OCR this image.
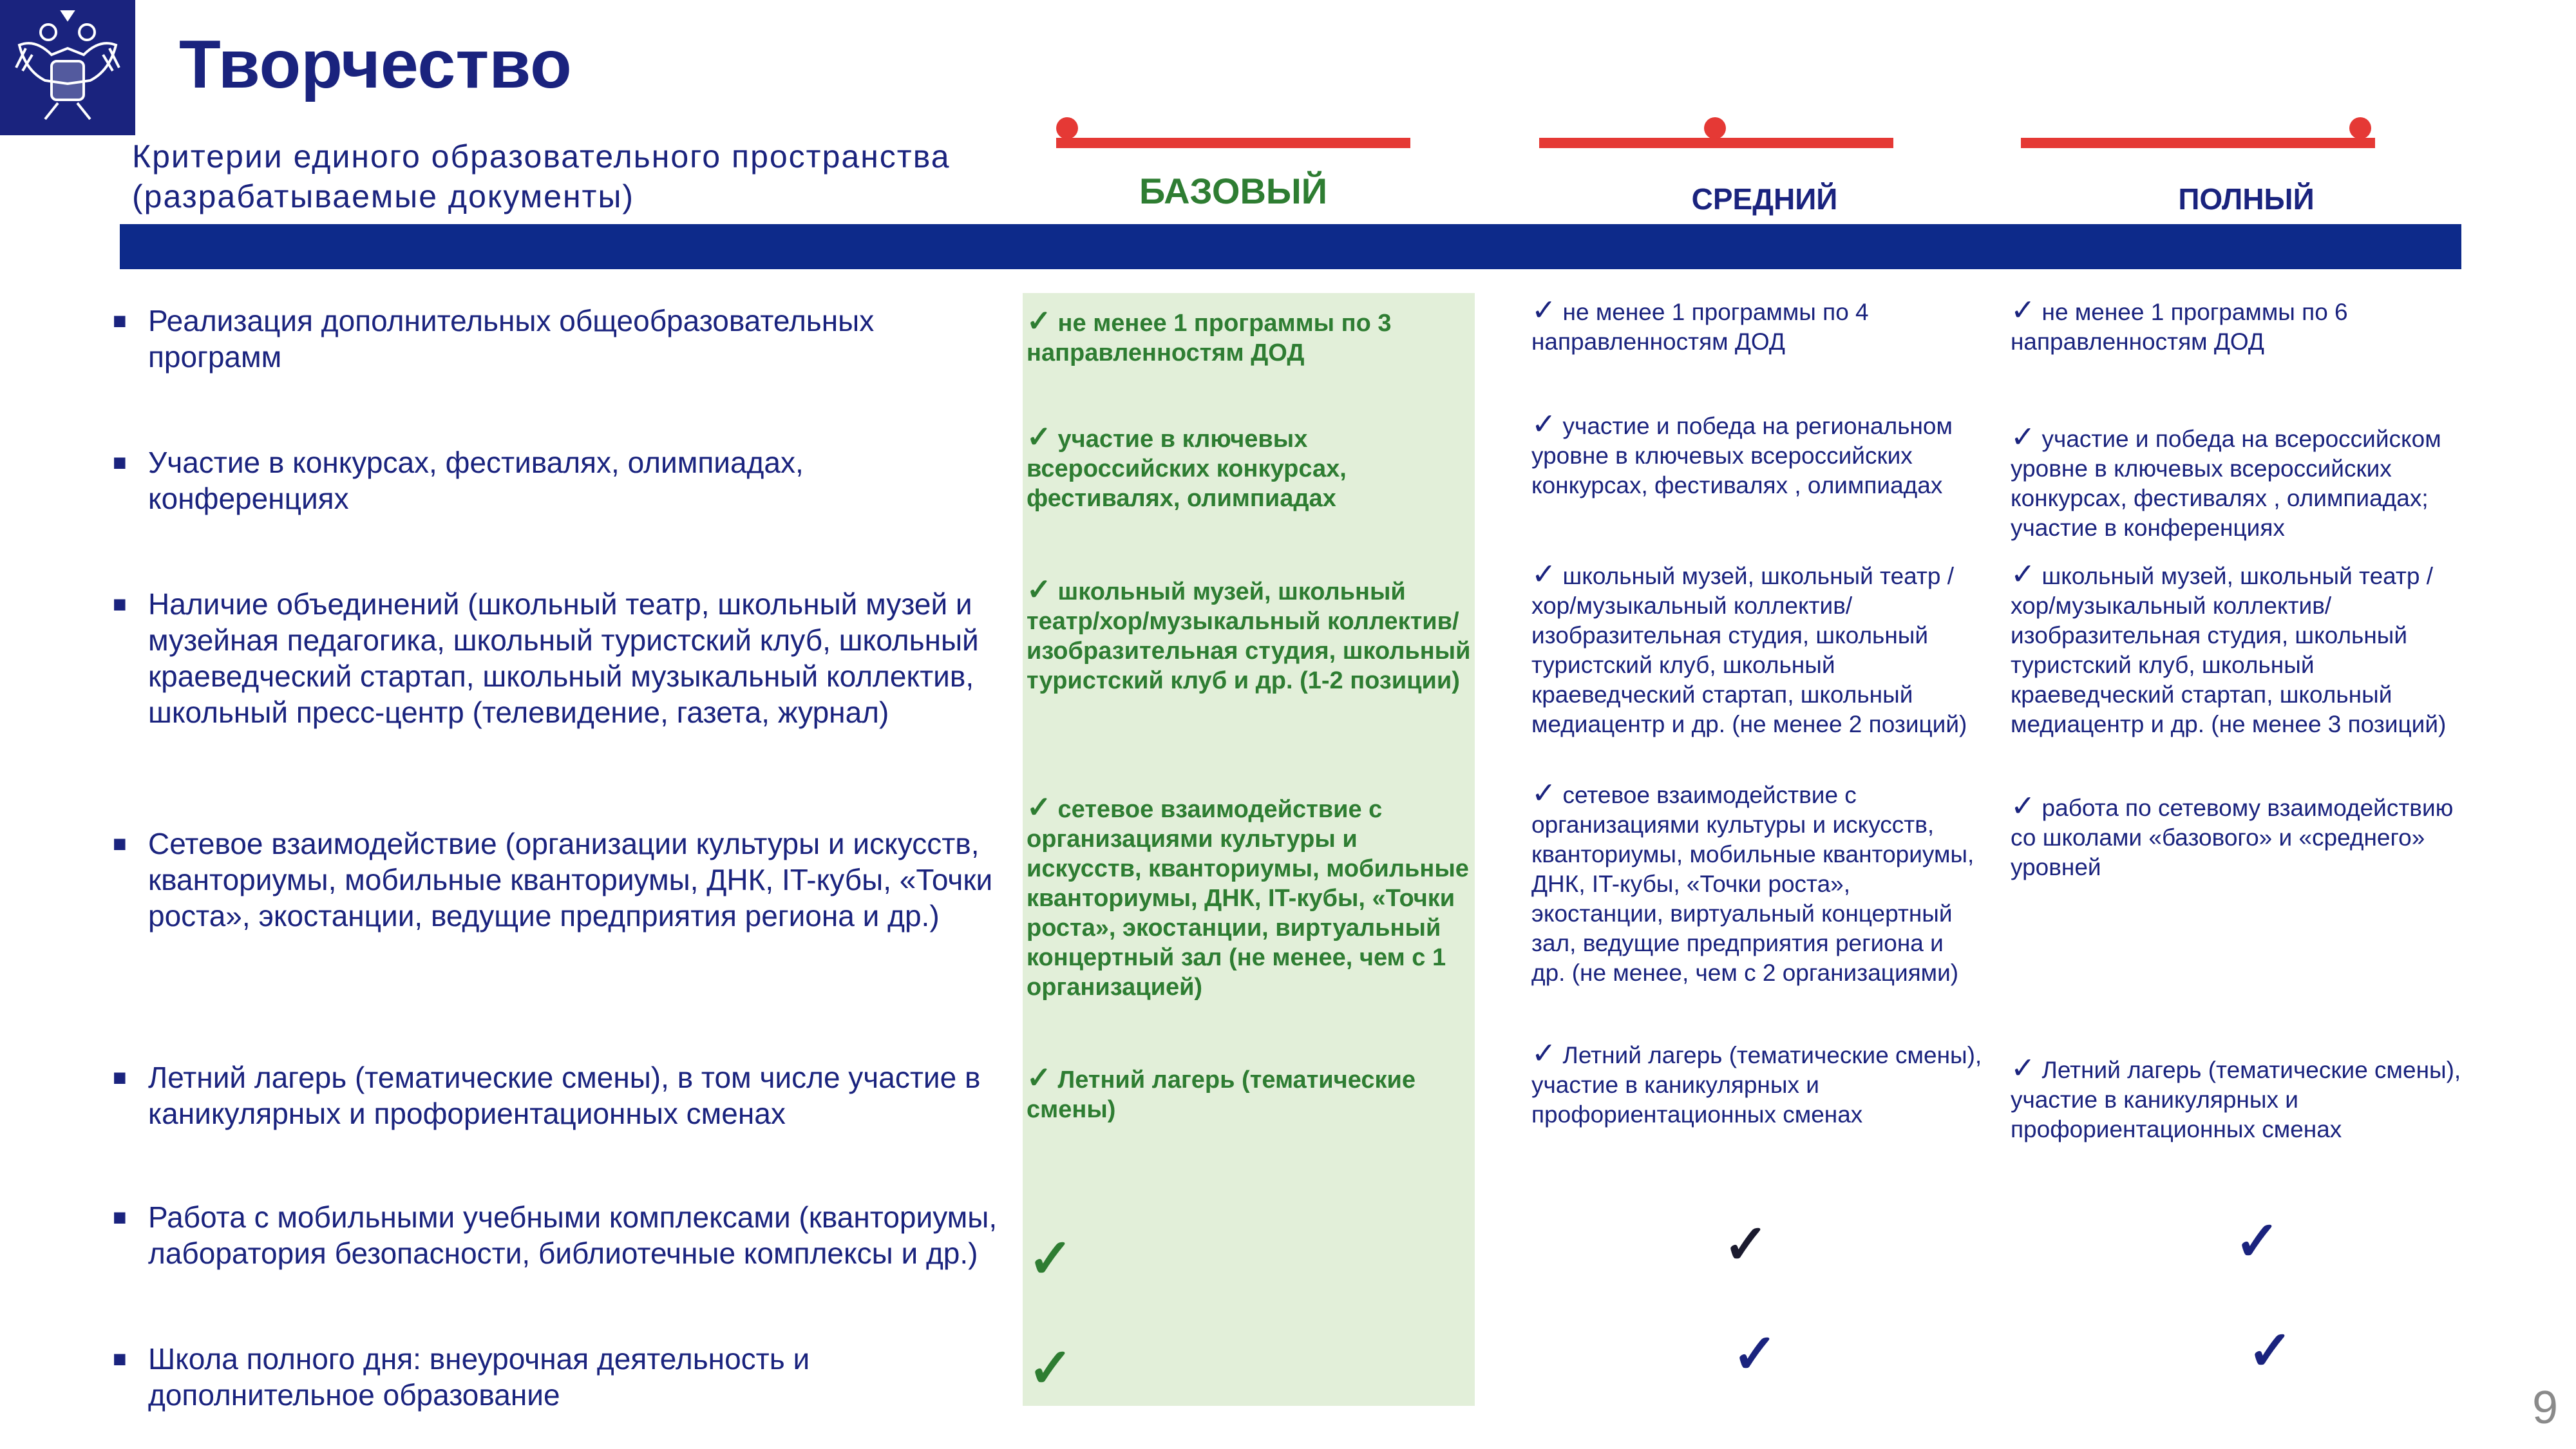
Творчество
Критерии единого образовательного пространства
(разрабатываемые документы)	БАЗОВЫЙ	СРЕДНИЙ	ПОЛНЫЙ
■ Реализация дополнительных общеобразовательных программ
✓ не менее 1 программы по 3 направленностям ДОД
✓ не менее 1 программы по 4 направленностям ДОД
✓ не менее 1 программы по 6 направленностям ДОД
■ Участие в конкурсах, фестивалях, олимпиадах, конференциях
✓ участие в ключевых всероссийских конкурсах, фестивалях, олимпиадах
✓ участие и победа на региональном уровне в ключевых всероссийских конкурсах, фестивалях , олимпиадах
✓ участие и победа на всероссийском уровне в ключевых всероссийских конкурсах, фестивалях , олимпиадах; участие в конференциях
■ Наличие объединений (школьный театр, школьный музей и музейная педагогика, школьный туристский клуб, школьный краеведческий стартап, школьный музыкальный коллектив, школьный пресс-центр (телевидение, газета, журнал)
✓ школьный музей, школьный театр/хор/музыкальный коллектив/изобразительная студия, школьный туристский клуб и др. (1-2 позиции)
✓ школьный музей, школьный театр /хор/музыкальный коллектив/изобразительная студия, школьный туристский клуб, школьный краеведческий стартап, школьный медиацентр и др. (не менее 2 позиций)
✓ школьный музей, школьный театр /хор/музыкальный коллектив/изобразительная студия, школьный туристский клуб, школьный краеведческий стартап, школьный медиацентр и др. (не менее 3 позиций)
■ Сетевое взаимодействие (организации культуры и искусств, кванториумы, мобильные кванториумы, ДНК, IT-кубы, «Точки роста», экостанции, ведущие предприятия региона и др.)
✓ сетевое взаимодействие с организациями культуры и искусств, кванториумы, мобильные кванториумы, ДНК, IT-кубы, «Точки роста», экостанции, виртуальный концертный зал (не менее, чем с 1 организацией)
✓ сетевое взаимодействие с организациями культуры и искусств, кванториумы, мобильные кванториумы, ДНК, IT-кубы, «Точки роста», экостанции, виртуальный концертный зал, ведущие предприятия региона и др. (не менее, чем с 2 организациями)
✓ работа по сетевому взаимодействию со школами «базового» и «среднего» уровней
■ Летний лагерь (тематические смены), в том числе участие в каникулярных и профориентационных сменах
✓ Летний лагерь (тематические смены)
✓ Летний лагерь (тематические смены), участие в каникулярных и профориентационных сменах
✓ Летний лагерь (тематические смены), участие в каникулярных и профориентационных сменах
■ Работа с мобильными учебными комплексами (кванториумы, лаборатория безопасности, библиотечные комплексы и др.) ✓	✓	✓
■ Школа полного дня: внеурочная деятельность и дополнительное образование	✓	✓	✓
9
